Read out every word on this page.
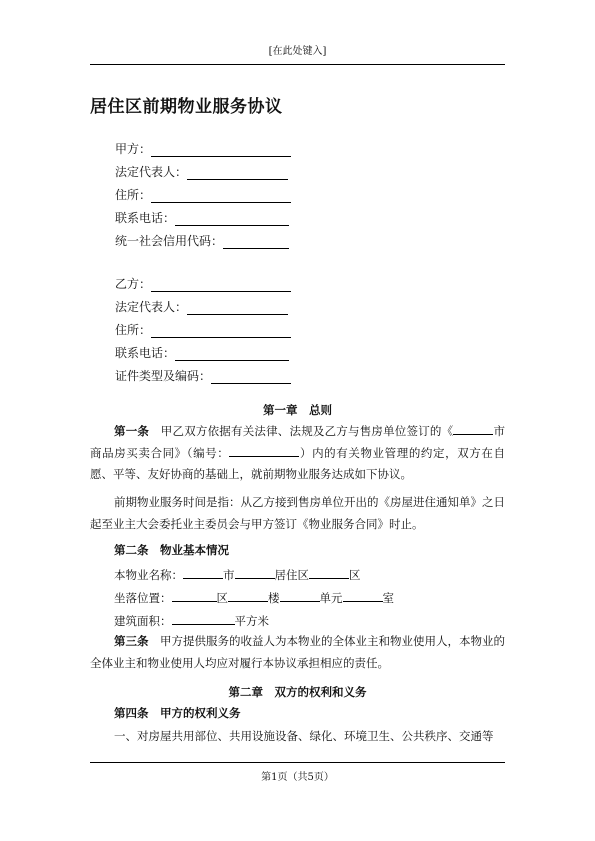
[在此处键入]
居住区前期物业服务协议
甲方：
法定代表人：
住所：
联系电话：
统一社会信用代码：
乙方：
法定代表人：
住所：
联系电话：
证件类型及编码：
第一章　总则
第一条　甲乙双方依据有关法律、法规及乙方与售房单位签订的《	市商品房买卖合同》（编号：	）内的有关物业管理的约定，双方在自愿、平等、友好协商的基础上，就前期物业服务达成如下协议。
前期物业服务时间是指：从乙方接到售房单位开出的《房屋进住通知单》之日起至业主大会委托业主委员会与甲方签订《物业服务合同》时止。
第二条　物业基本情况
本物业名称：	市	居住区	区
坐落位置：	区	楼	单元	室
建筑面积：	平方米
第三条　甲方提供服务的收益人为本物业的全体业主和物业使用人，本物业的全体业主和物业使用人均应对履行本协议承担相应的责任。
第二章　双方的权利和义务
第四条　甲方的权利义务
一、对房屋共用部位、共用设施设备、绿化、环境卫生、公共秩序、交通等
第1页（共5页）
